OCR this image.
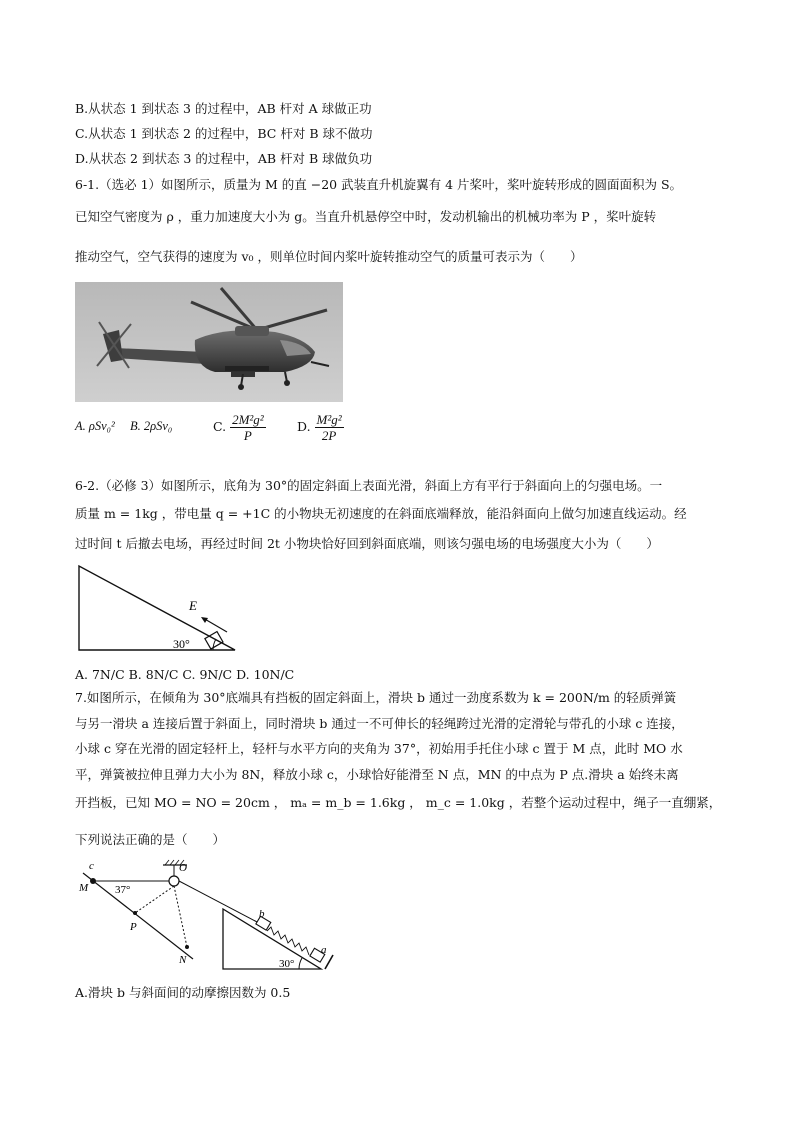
B.从状态 1 到状态 3 的过程中，AB 杆对 A 球做正功
C.从状态 1 到状态 2 的过程中，BC 杆对 B 球不做功
D.从状态 2 到状态 3 的过程中，AB 杆对 B 球做负功
6-1.（选必 1）如图所示，质量为 M 的直 −20 武装直升机旋翼有 4 片桨叶，桨叶旋转形成的圆面面积为 S。
已知空气密度为 ρ ，重力加速度大小为 g。当直升机悬停空中时，发动机输出的机械功率为 P ，桨叶旋转
推动空气，空气获得的速度为 v₀ ，则单位时间内桨叶旋转推动空气的质量可表示为（　　）
A. ρSv₀² B. 2ρSv₀	C. $\frac{\text{2M²g²}}{P}$	D. $\frac{\text{M²g²}}{2P}$
6-2.（必修 3）如图所示，底角为 30°的固定斜面上表面光滑，斜面上方有平行于斜面向上的匀强电场。一
质量 m = 1kg ，带电量 q = +1C 的小物块无初速度的在斜面底端释放，能沿斜面向上做匀加速直线运动。经
过时间 t 后撤去电场，再经过时间 2t 小物块恰好回到斜面底端，则该匀强电场的电场强度大小为（　　）
E
30°
A. 7N/C B. 8N/C C. 9N/C D. 10N/C
7.如图所示，在倾角为 30°底端具有挡板的固定斜面上，滑块 b 通过一劲度系数为 k = 200N/m 的轻质弹簧
与另一滑块 a 连接后置于斜面上，同时滑块 b 通过一不可伸长的轻绳跨过光滑的定滑轮与带孔的小球 c 连接，
小球 c 穿在光滑的固定轻杆上，轻杆与水平方向的夹角为 37°，初始用手托住小球 c 置于 M 点，此时 MO 水
平，弹簧被拉伸且弹力大小为 8N，释放小球 c，小球恰好能滑至 N 点，MN 的中点为 P 点.滑块 a 始终未离
开挡板，已知 MO = NO = 20cm ， mₐ = m_b = 1.6kg ， m_c = 1.0kg ，若整个运动过程中，绳子一直绷紧，
下列说法正确的是（　　）
O
c
M 37°
P
N
b
a
30°
A.滑块 b 与斜面间的动摩擦因数为 0.5
